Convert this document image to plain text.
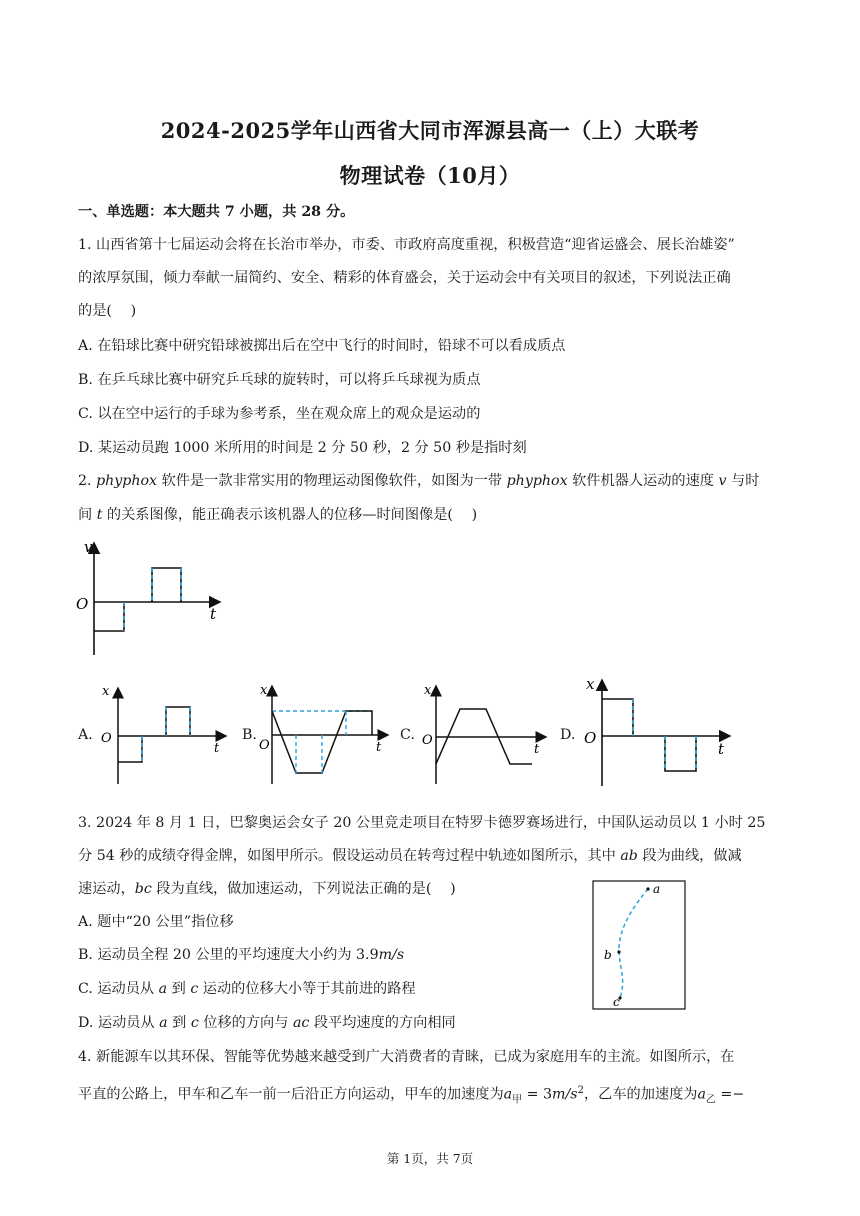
2024-2025学年山西省大同市浑源县高一（上）大联考
物理试卷（10月）
一、单选题：本大题共 7 小题，共 28 分。
1. 山西省第十七届运动会将在长治市举办，市委、市政府高度重视，积极营造“迎省运盛会、展长治雄姿”
的浓厚氛围，倾力奉献一届简约、安全、精彩的体育盛会，关于运动会中有关项目的叙述，下列说法正确
的是(　 )
A. 在铅球比赛中研究铅球被掷出后在空中飞行的时间时，铅球不可以看成质点
B. 在乒乓球比赛中研究乒乓球的旋转时，可以将乒乓球视为质点
C. 以在空中运行的手球为参考系，坐在观众席上的观众是运动的
D. 某运动员跑 1000 米所用的时间是 2 分 50 秒，2 分 50 秒是指时刻
2. phyphox 软件是一款非常实用的物理运动图像软件，如图为一带 phyphox 软件机器人运动的速度 v 与时
间 t 的关系图像，能正确表示该机器人的位移—时间图像是(　 )
v
t
O
A.
x
t
O	B.
x
t
O
C.
x
t
O	D.
x
t
O
3. 2024 年 8 月 1 日，巴黎奥运会女子 20 公里竞走项目在特罗卡德罗赛场进行，中国队运动员以 1 小时 25
分 54 秒的成绩夺得金牌，如图甲所示。假设运动员在转弯过程中轨迹如图所示，其中 ab 段为曲线，做减
速运动，bc 段为直线，做加速运动，下列说法正确的是(　 )
A. 题中“20 公里”指位移
B. 运动员全程 20 公里的平均速度大小约为 3.9m/s
C. 运动员从 a 到 c 运动的位移大小等于其前进的路程
D. 运动员从 a 到 c 位移的方向与 ac 段平均速度的方向相同
a
b
c
4. 新能源车以其环保、智能等优势越来越受到广大消费者的青睐，已成为家庭用车的主流。如图所示，在
平直的公路上，甲车和乙车一前一后沿正方向运动，甲车的加速度为$a_甲 = 3m/s^2$，乙车的加速度为$a_乙$ =−
第 1页，共 7页
